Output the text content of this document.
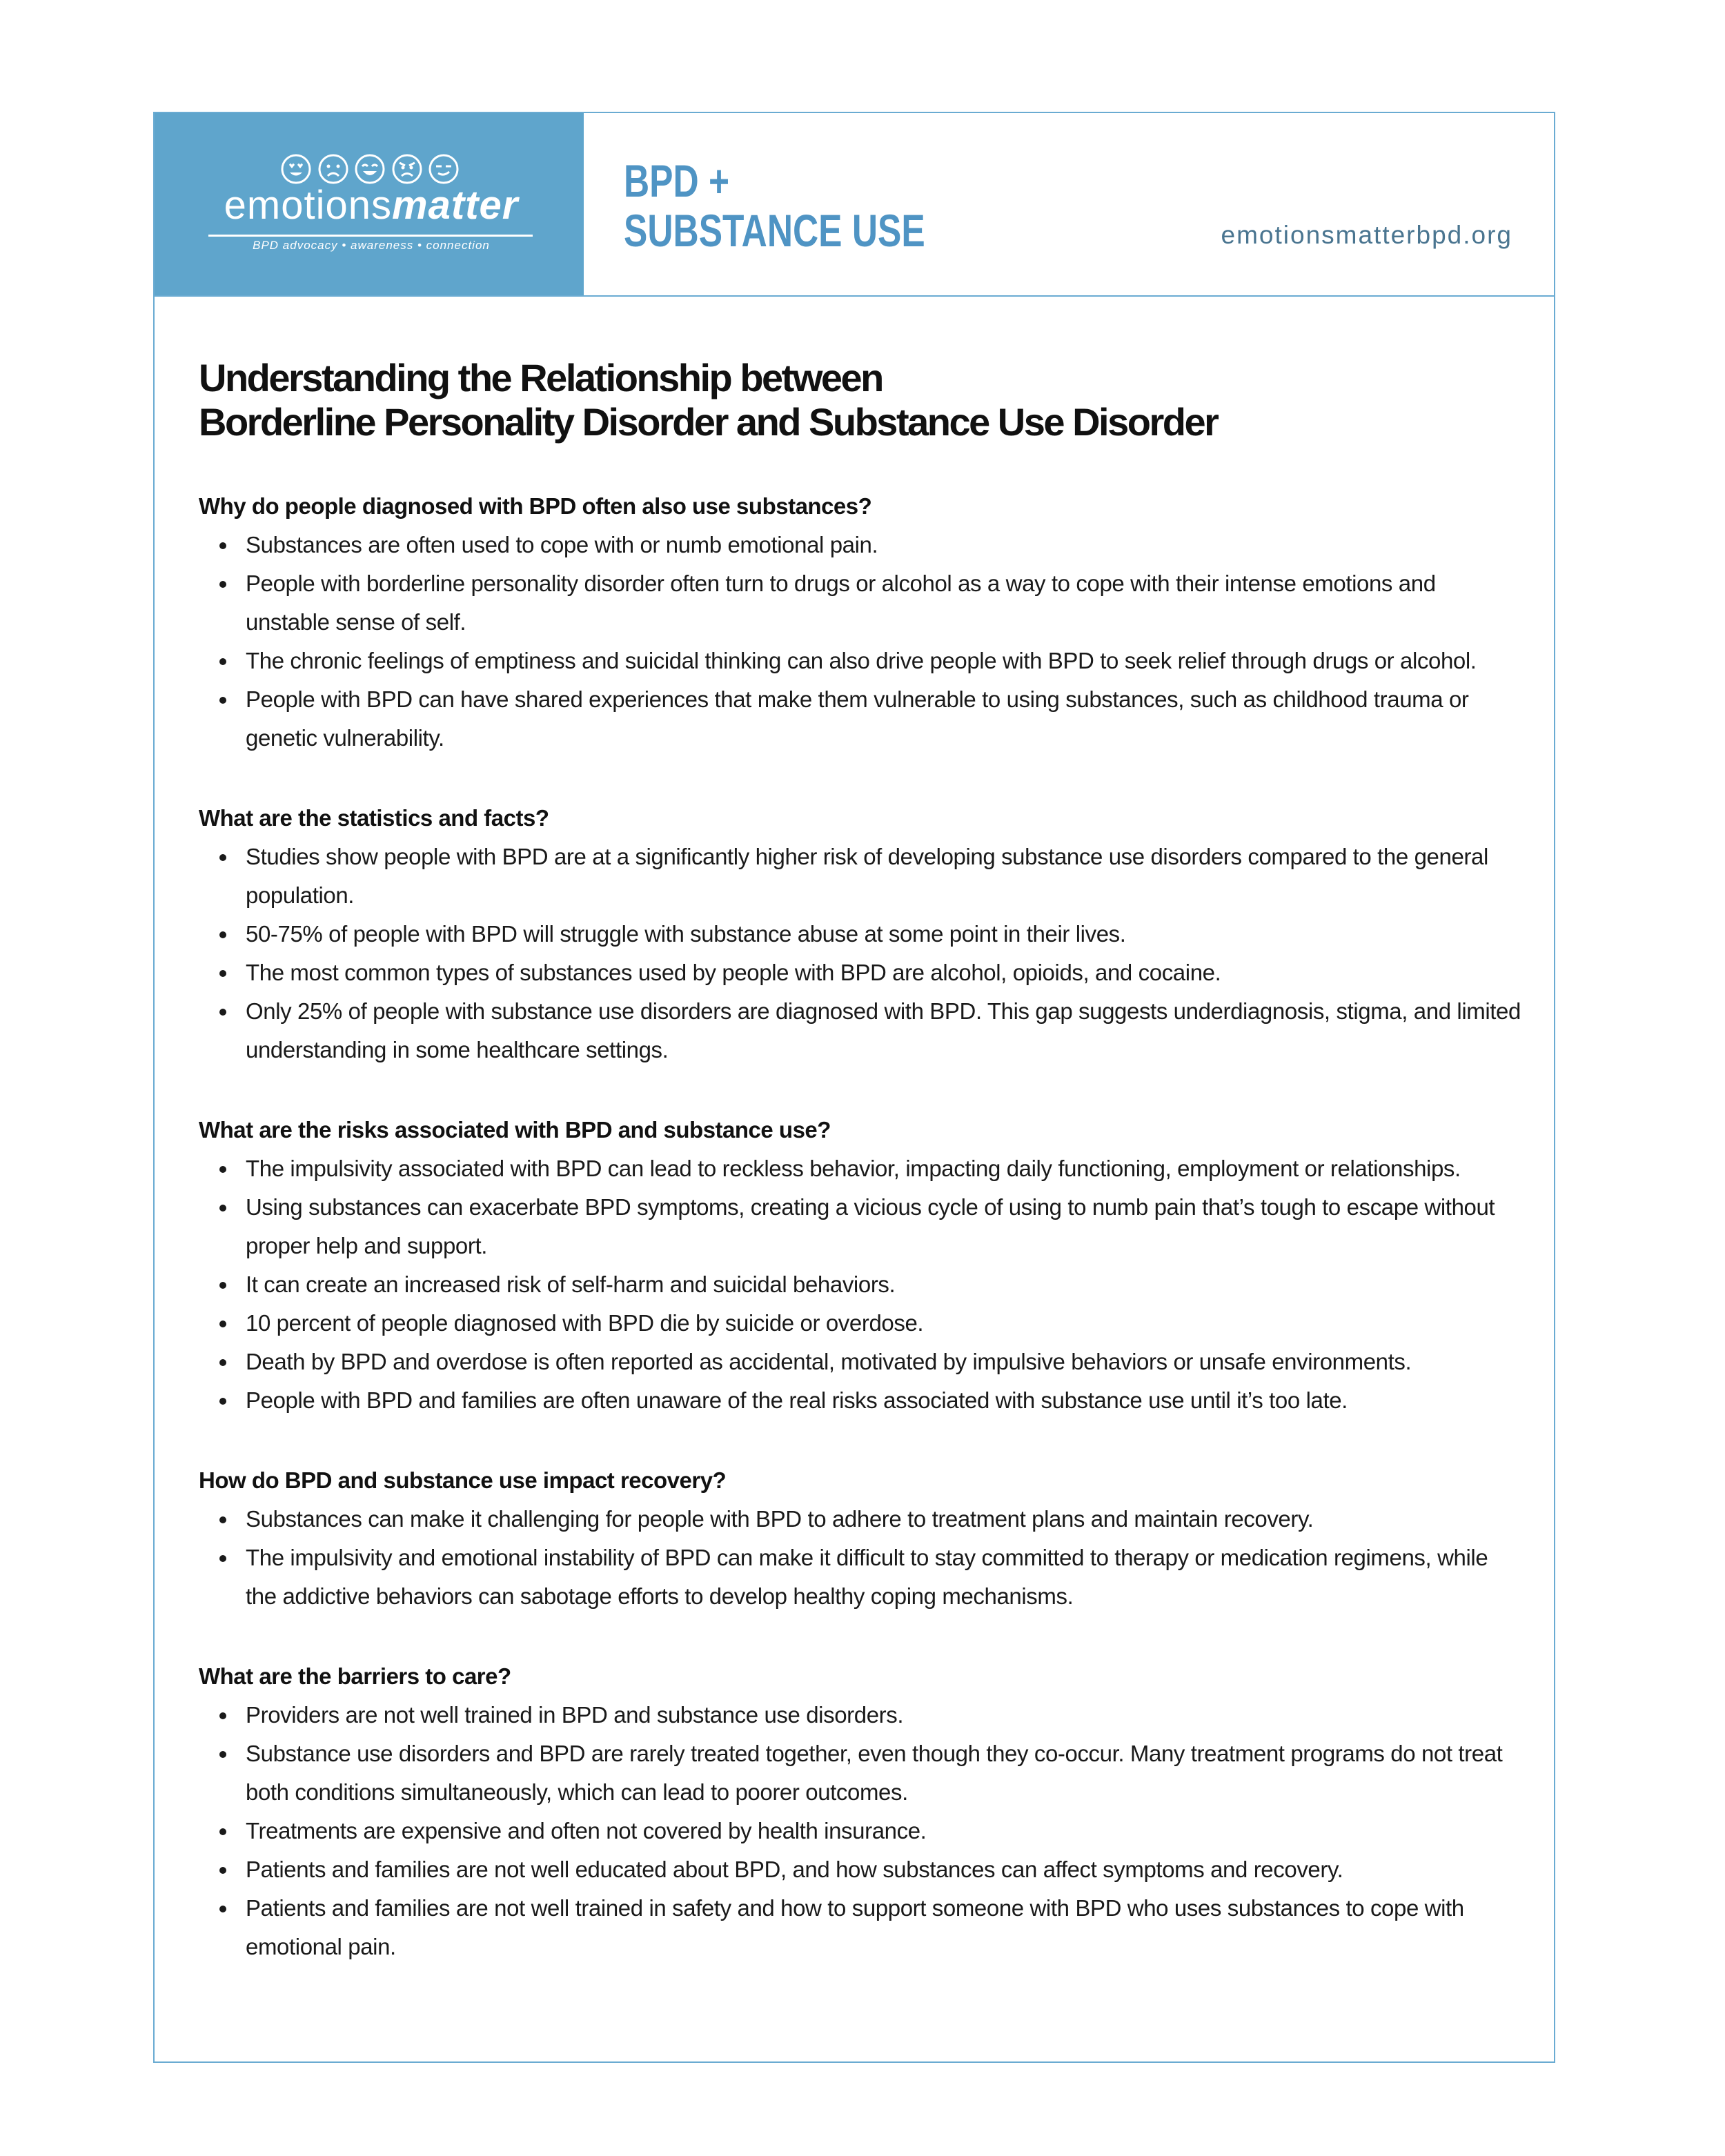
emotionsmatter
BPD advocacy • awareness • connection
BPD +
SUBSTANCE USE	emotionsmatterbpd.org
Understanding the Relationship between
Borderline Personality Disorder and Substance Use Disorder
Why do people diagnosed with BPD often also use substances?
Substances are often used to cope with or numb emotional pain.
People with borderline personality disorder often turn to drugs or alcohol as a way to cope with their intense emotions and unstable sense of self.
The chronic feelings of emptiness and suicidal thinking can also drive people with BPD to seek relief through drugs or alcohol.
People with BPD can have shared experiences that make them vulnerable to using substances, such as childhood trauma or genetic vulnerability.
What are the statistics and facts?
Studies show people with BPD are at a significantly higher risk of developing substance use disorders compared to the general population.
50-75% of people with BPD will struggle with substance abuse at some point in their lives.
The most common types of substances used by people with BPD are alcohol, opioids, and cocaine.
Only 25% of people with substance use disorders are diagnosed with BPD. This gap suggests underdiagnosis, stigma, and limited understanding in some healthcare settings.
What are the risks associated with BPD and substance use?
The impulsivity associated with BPD can lead to reckless behavior, impacting daily functioning, employment or relationships.
Using substances can exacerbate BPD symptoms, creating a vicious cycle of using to numb pain that’s tough to escape without proper help and support.
It can create an increased risk of self-harm and suicidal behaviors.
10 percent of people diagnosed with BPD die by suicide or overdose.
Death by BPD and overdose is often reported as accidental, motivated by impulsive behaviors or unsafe environments.
People with BPD and families are often unaware of the real risks associated with substance use until it’s too late.
How do BPD and substance use impact recovery?
Substances can make it challenging for people with BPD to adhere to treatment plans and maintain recovery.
The impulsivity and emotional instability of BPD can make it difficult to stay committed to therapy or medication regimens, while the addictive behaviors can sabotage efforts to develop healthy coping mechanisms.
What are the barriers to care?
Providers are not well trained in BPD and substance use disorders.
Substance use disorders and BPD are rarely treated together, even though they co-occur. Many treatment programs do not treat both conditions simultaneously, which can lead to poorer outcomes.
Treatments are expensive and often not covered by health insurance.
Patients and families are not well educated about BPD, and how substances can affect symptoms and recovery.
Patients and families are not well trained in safety and how to support someone with BPD who uses substances to cope with emotional pain.
